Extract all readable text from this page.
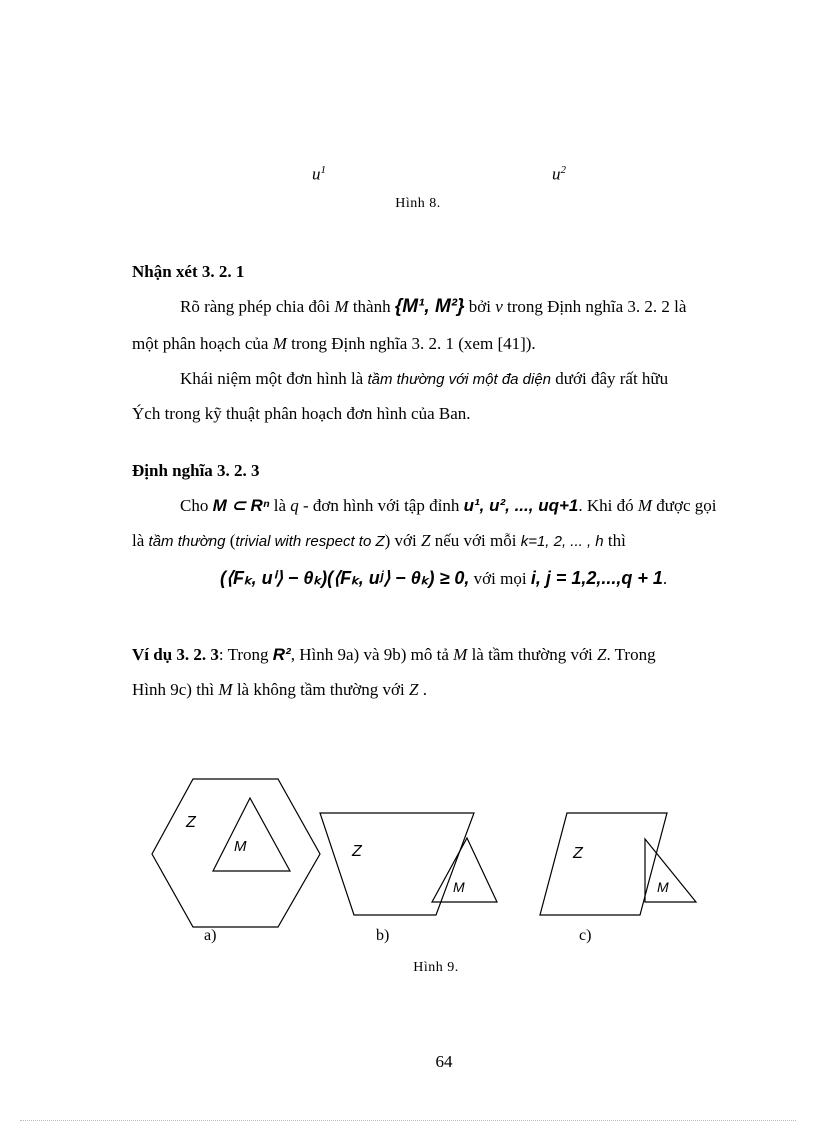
$u^1$	$u^2$
Hình 8.
Nhận xét 3. 2. 1
Rõ ràng phép chia đôi M thành {M¹, M²} bởi v trong Định nghĩa 3. 2. 2 là
một phân hoạch của M trong Định nghĩa 3. 2. 1 (xem [41]).
Khái niệm một đơn hình là tầm thường với một đa diện dưới đây rất hữu
Ých trong kỹ thuật phân hoạch đơn hình của Ban.
Định nghĩa 3. 2. 3
Cho M ⊂ Rⁿ là q - đơn hình với tập đỉnh u¹, u², ..., uq+1. Khi đó M được gọi
là tầm thường (trivial with respect to Z) với Z nếu với mỗi k=1, 2, ... , h thì
(⟨Fₖ, uⁱ⟩ − θₖ)(⟨Fₖ, uʲ⟩ − θₖ) ≥ 0, với mọi i, j = 1,2,...,q + 1.
Ví dụ 3. 2. 3: Trong R², Hình 9a) và 9b) mô tả M là tầm thường với Z. Trong
Hình 9c) thì M là không tầm thường với Z .
Z
M	Z
M
Z
M
a)	b)	c)
Hình 9.
64
